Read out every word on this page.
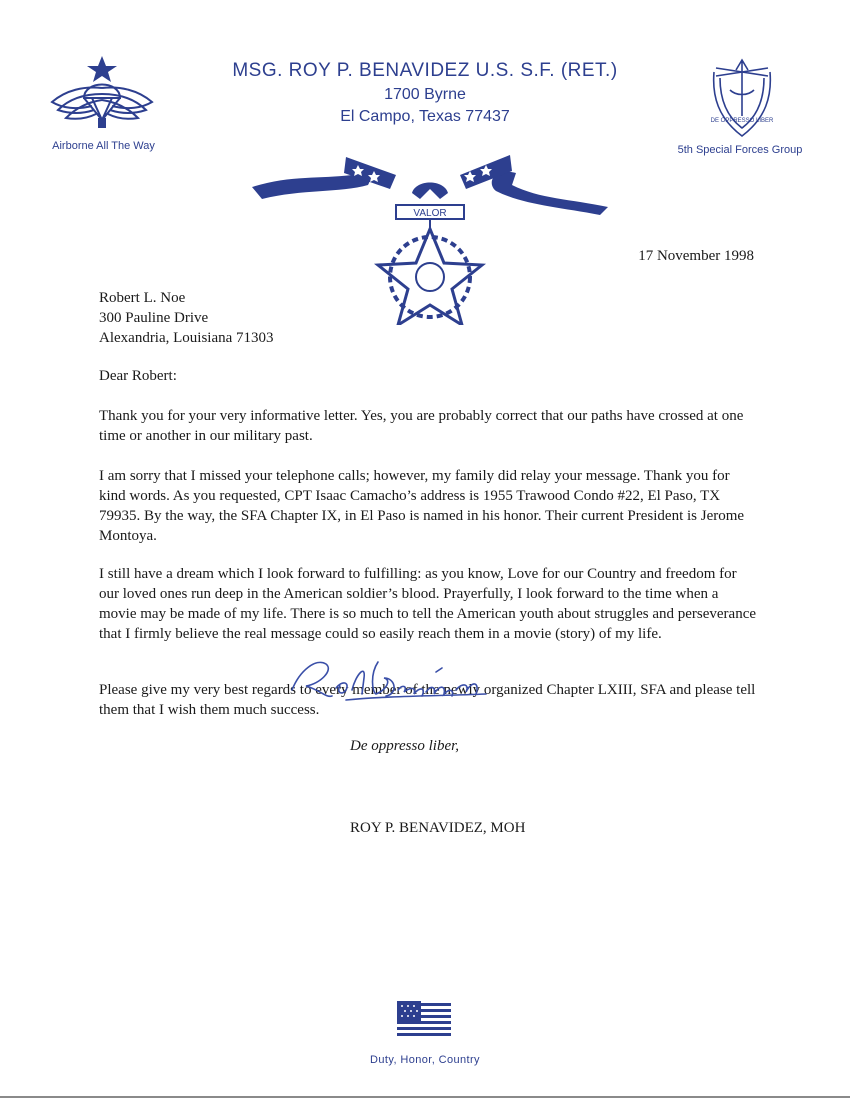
MSG. ROY P. BENAVIDEZ U.S. S.F. (RET.)
1700 Byrne
El Campo, Texas 77437
Airborne All The Way
DE OPPRESSO LIBER
5th Special Forces Group
VALOR
17 November 1998
Robert L. Noe
300 Pauline Drive
Alexandria, Louisiana 71303
Dear Robert:

Thank you for your very informative letter. Yes, you are probably correct that our paths have crossed at one time or another in our military past.

I am sorry that I missed your telephone calls; however, my family did relay your message. Thank you for kind words. As you requested, CPT Isaac Camacho’s address is 1955 Trawood Condo #22, El Paso, TX 79935. By the way, the SFA Chapter IX, in El Paso is named in his honor. Their current President is Jerome Montoya.

I still have a dream which I look forward to fulfilling: as you know, Love for our Country and freedom for our loved ones run deep in the American soldier’s blood. Prayerfully, I look forward to the time when a movie may be made of my life. There is so much to tell the American youth about struggles and perseverance that I firmly believe the real message could so easily reach them in a movie (story) of my life.

Please give my very best regards to every member of the newly organized Chapter LXIII, SFA and please tell them that I wish them much success.

De oppresso liber,
ROY P. BENAVIDEZ, MOH
Duty, Honor, Country
